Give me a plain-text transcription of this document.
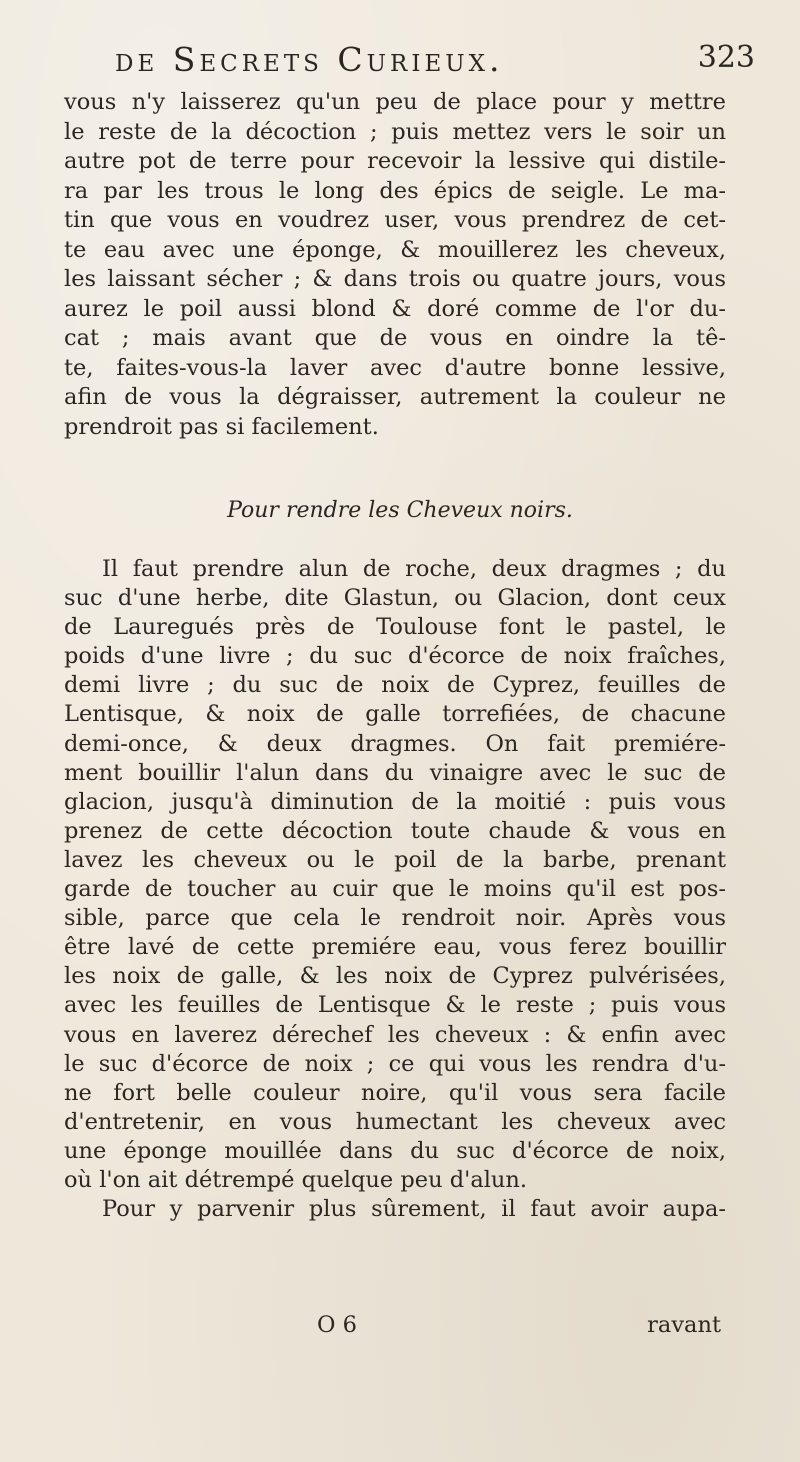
de Secrets Curieux.	323
vous n'y laisserez qu'un peu de place pour y mettre
le reste de la décoction ; puis mettez vers le soir un
autre pot de terre pour recevoir la lessive qui distile-
ra par les trous le long des épics de seigle. Le ma-
tin que vous en voudrez user, vous prendrez de cet-
te eau avec une éponge, & mouillerez les cheveux,
les laissant sécher ; & dans trois ou quatre jours, vous
aurez le poil aussi blond & doré comme de l'or du-
cat ; mais avant que de vous en oindre la tê-
te, faites-vous-la laver avec d'autre bonne lessive,
afin de vous la dégraisser, autrement la couleur ne
prendroit pas si facilement.
Pour rendre les Cheveux noirs.
Il faut prendre alun de roche, deux dragmes ; du
suc d'une herbe, dite Glastun, ou Glacion, dont ceux
de Lauregués près de Toulouse font le pastel, le
poids d'une livre ; du suc d'écorce de noix fraîches,
demi livre ; du suc de noix de Cyprez, feuilles de
Lentisque, & noix de galle torrefiées, de chacune
demi-once, & deux dragmes. On fait premiére-
ment bouillir l'alun dans du vinaigre avec le suc de
glacion, jusqu'à diminution de la moitié : puis vous
prenez de cette décoction toute chaude & vous en
lavez les cheveux ou le poil de la barbe, prenant
garde de toucher au cuir que le moins qu'il est pos-
sible, parce que cela le rendroit noir. Après vous
être lavé de cette premiére eau, vous ferez bouillir
les noix de galle, & les noix de Cyprez pulvérisées,
avec les feuilles de Lentisque & le reste ; puis vous
vous en laverez dérechef les cheveux : & enfin avec
le suc d'écorce de noix ; ce qui vous les rendra d'u-
ne fort belle couleur noire, qu'il vous sera facile
d'entretenir, en vous humectant les cheveux avec
une éponge mouillée dans du suc d'écorce de noix,
où l'on ait détrempé quelque peu d'alun.
Pour y parvenir plus sûrement, il faut avoir aupa-
O 6	ravant
